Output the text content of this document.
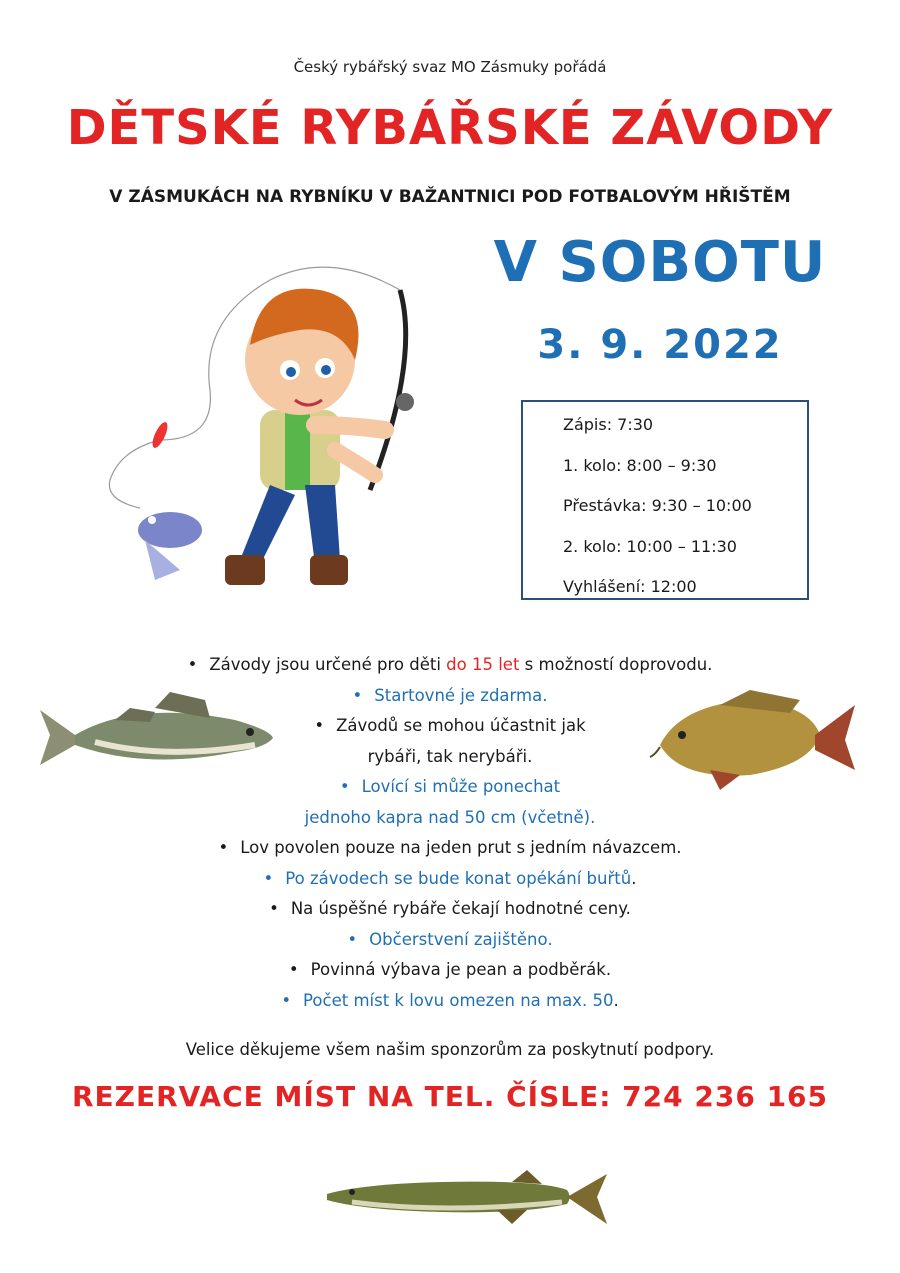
Český rybářský svaz MO Zásmuky pořádá
DĚTSKÉ RYBÁŘSKÉ ZÁVODY
V ZÁSMUKÁCH NA RYBNÍKU V BAŽANTNICI POD FOTBALOVÝM HŘIŠTĚM
V SOBOTU
3. 9. 2022
Zápis: 7:30
1. kolo: 8:00 – 9:30
Přestávka: 9:30 – 10:00
2. kolo: 10:00 – 11:30
Vyhlášení: 12:00
• Závody jsou určené pro děti do 15 let s možností doprovodu.
• Startovné je zdarma.
• Závodů se mohou účastnit jak
rybáři, tak nerybáři.
• Lovící si může ponechat
jednoho kapra nad 50 cm (včetně).
• Lov povolen pouze na jeden prut s jedním návazcem.
• Po závodech se bude konat opékání buřtů.
• Na úspěšné rybáře čekají hodnotné ceny.
• Občerstvení zajištěno.
• Povinná výbava je pean a podběrák.
• Počet míst k lovu omezen na max. 50.
Velice děkujeme všem našim sponzorům za poskytnutí podpory.
REZERVACE MÍST NA TEL. ČÍSLE: 724 236 165
